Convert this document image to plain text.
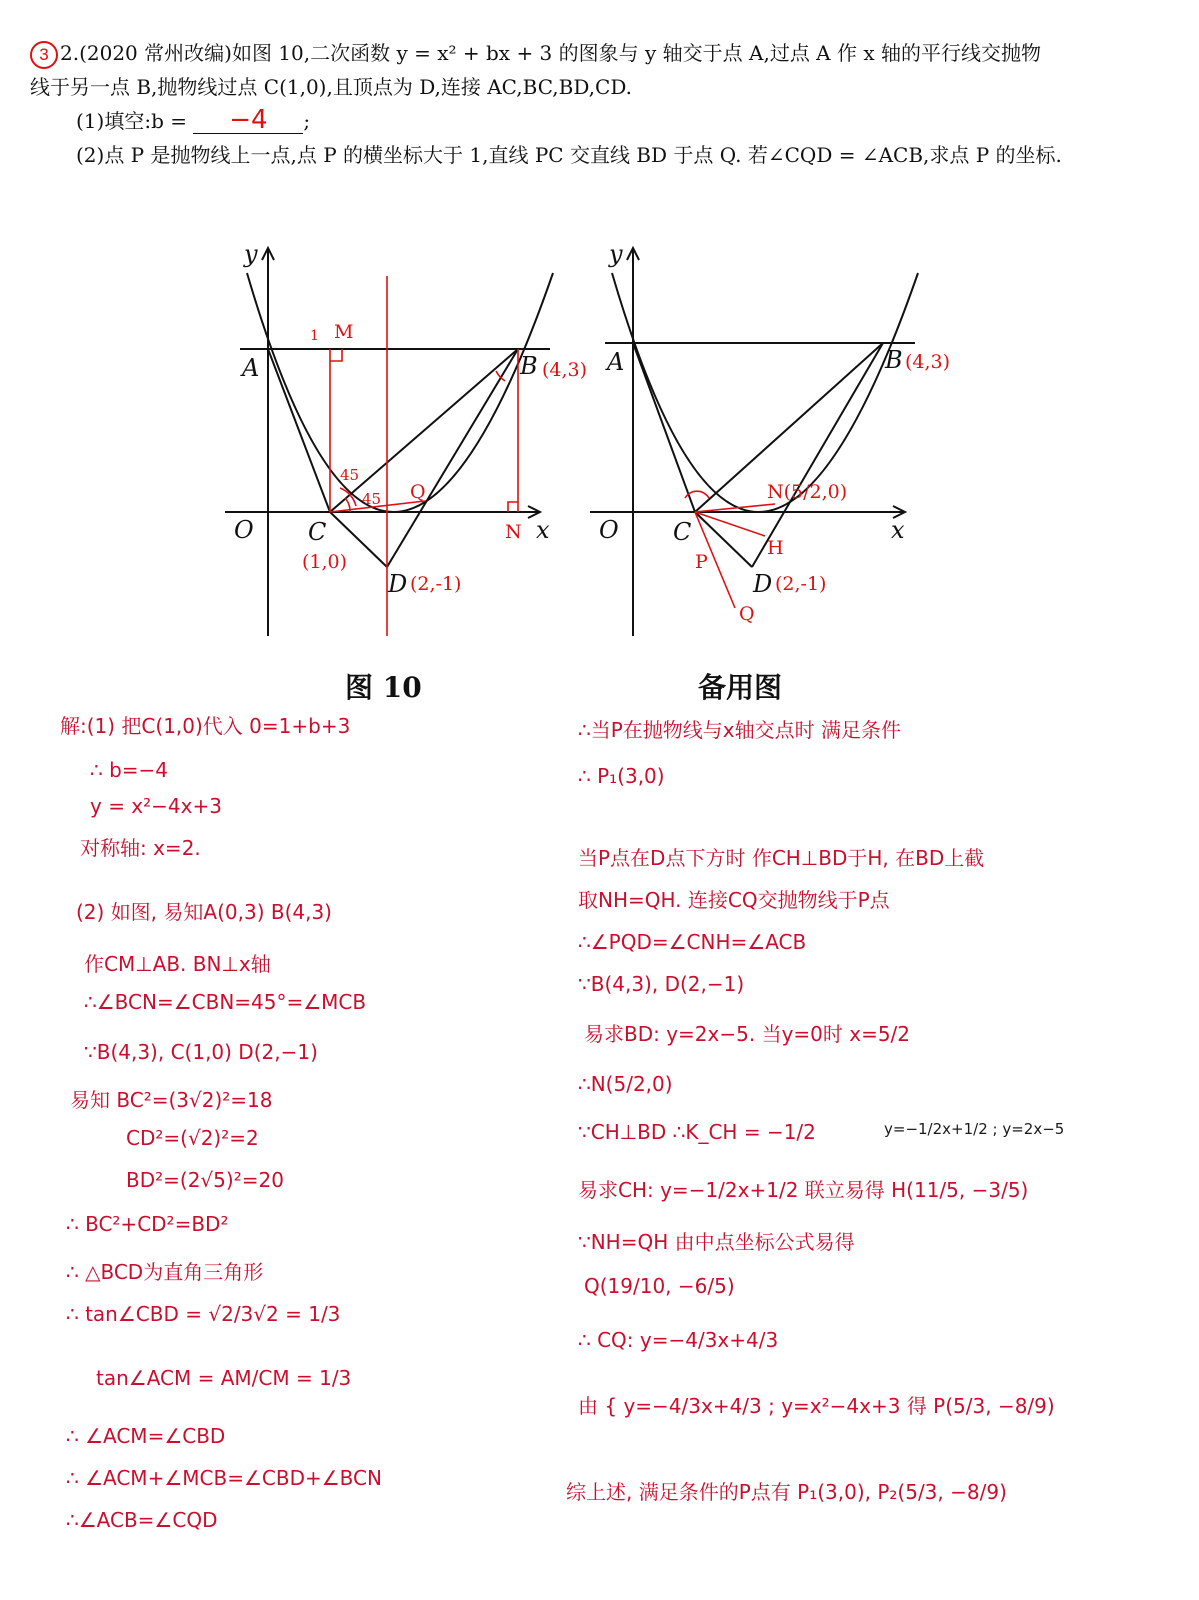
3 2.(2020 常州改编)如图 10,二次函数 y = x² + bx + 3 的图象与 y 轴交于点 A,过点 A 作 x 轴的平行线交抛物
线于另一点 B,抛物线过点 C(1,0),且顶点为 D,连接 AC,BC,BD,CD.
(1)填空:b = −4 ;
(2)点 P 是抛物线上一点,点 P 的横坐标大于 1,直线 PC 交直线 BD 于点 Q. 若∠CQD = ∠ACB,求点 P 的坐标.
y
x
O
A	B
C
D
M
1
N
Q
(4,3)
(1,0)
(2,-1)
45
45
图 10
y
x
O
A	B
C
D
(4,3)
(2,-1)
N(5/2,0)
H
P
Q
备用图
解:(1) 把C(1,0)代入 0=1+b+3
∴ b=−4
y = x²−4x+3
对称轴: x=2.
(2) 如图, 易知A(0,3) B(4,3)
作CM⊥AB. BN⊥x轴
∴∠BCN=∠CBN=45°=∠MCB
∵B(4,3), C(1,0) D(2,−1)
易知 BC²=(3√2)²=18
CD²=(√2)²=2
BD²=(2√5)²=20
∴ BC²+CD²=BD²
∴ △BCD为直角三角形
∴ tan∠CBD = √2/3√2 = 1/3
tan∠ACM = AM/CM = 1/3
∴ ∠ACM=∠CBD
∴ ∠ACM+∠MCB=∠CBD+∠BCN
∴∠ACB=∠CQD
∴当P在抛物线与x轴交点时 满足条件
∴ P₁(3,0)
当P点在D点下方时 作CH⊥BD于H, 在BD上截
取NH=QH. 连接CQ交抛物线于P点
∴∠PQD=∠CNH=∠ACB
∵B(4,3), D(2,−1)
易求BD: y=2x−5. 当y=0时 x=5/2
∴N(5/2,0)
∵CH⊥BD ∴K_CH = −1/2	y=−1/2x+1/2 ; y=2x−5
易求CH: y=−1/2x+1/2 联立易得 H(11/5, −3/5)
∵NH=QH 由中点坐标公式易得
Q(19/10, −6/5)
∴ CQ: y=−4/3x+4/3
由 { y=−4/3x+4/3 ; y=x²−4x+3 得 P(5/3, −8/9)
综上述, 满足条件的P点有 P₁(3,0), P₂(5/3, −8/9)
